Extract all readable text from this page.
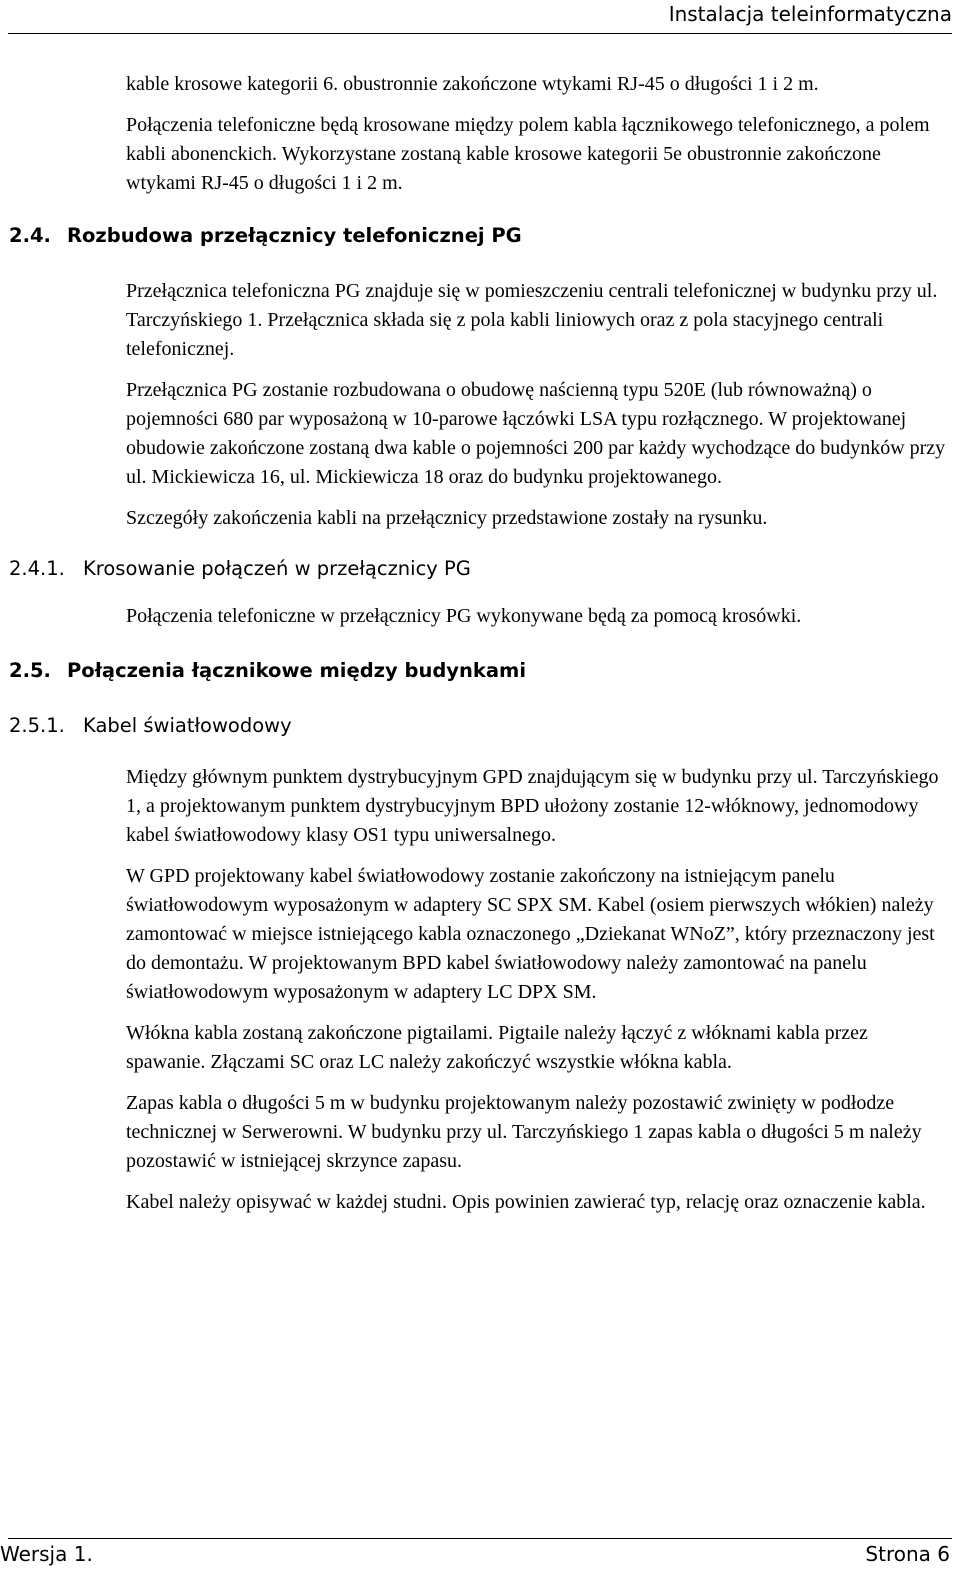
Instalacja teleinformatyczna

kable krosowe kategorii 6. obustronnie zakończone wtykami RJ-45 o długości 1 i 2 m.

Połączenia telefoniczne będą krosowane między polem kabla łącznikowego telefonicznego, a polem kabli abonenckich. Wykorzystane zostaną kable krosowe kategorii 5e obustronnie zakończone wtykami RJ-45 o długości 1 i 2 m.

2.4. Rozbudowa przełącznicy telefonicznej PG

Przełącznica telefoniczna PG znajduje się w pomieszczeniu centrali telefonicznej w budynku przy ul. Tarczyńskiego 1. Przełącznica składa się z pola kabli liniowych oraz z pola stacyjnego centrali telefonicznej.

Przełącznica PG zostanie rozbudowana o obudowę naścienną typu 520E (lub równoważną) o pojemności 680 par wyposażoną w 10-parowe łączówki LSA typu rozłącznego. W projektowanej obudowie zakończone zostaną dwa kable o pojemności 200 par każdy wychodzące do budynków przy ul. Mickiewicza 16, ul. Mickiewicza 18 oraz do budynku projektowanego.

Szczegóły zakończenia kabli na przełącznicy przedstawione zostały na rysunku.

2.4.1. Krosowanie połączeń w przełącznicy PG

Połączenia telefoniczne w przełącznicy PG wykonywane będą za pomocą krosówki.

2.5. Połączenia łącznikowe między budynkami
2.5.1. Kabel światłowodowy

Między głównym punktem dystrybucyjnym GPD znajdującym się w budynku przy ul. Tarczyńskiego 1, a projektowanym punktem dystrybucyjnym BPD ułożony zostanie 12-włóknowy, jednomodowy kabel światłowodowy klasy OS1 typu uniwersalnego.

W GPD projektowany kabel światłowodowy zostanie zakończony na istniejącym panelu światłowodowym wyposażonym w adaptery SC SPX SM. Kabel (osiem pierwszych włókien) należy zamontować w miejsce istniejącego kabla oznaczonego „Dziekanat WNoZ”, który przeznaczony jest do demontażu. W projektowanym BPD kabel światłowodowy należy zamontować na panelu światłowodowym wyposażonym w adaptery LC DPX SM.

Włókna kabla zostaną zakończone pigtailami. Pigtaile należy łączyć z włóknami kabla przez spawanie. Złączami SC oraz LC należy zakończyć wszystkie włókna kabla.

Zapas kabla o długości 5 m w budynku projektowanym należy pozostawić zwinięty w podłodze technicznej w Serwerowni. W budynku przy ul. Tarczyńskiego 1 zapas kabla o długości 5 m należy pozostawić w istniejącej skrzynce zapasu.

Kabel należy opisywać w każdej studni. Opis powinien zawierać typ, relację oraz oznaczenie kabla.

Wersja 1.	Strona 6
